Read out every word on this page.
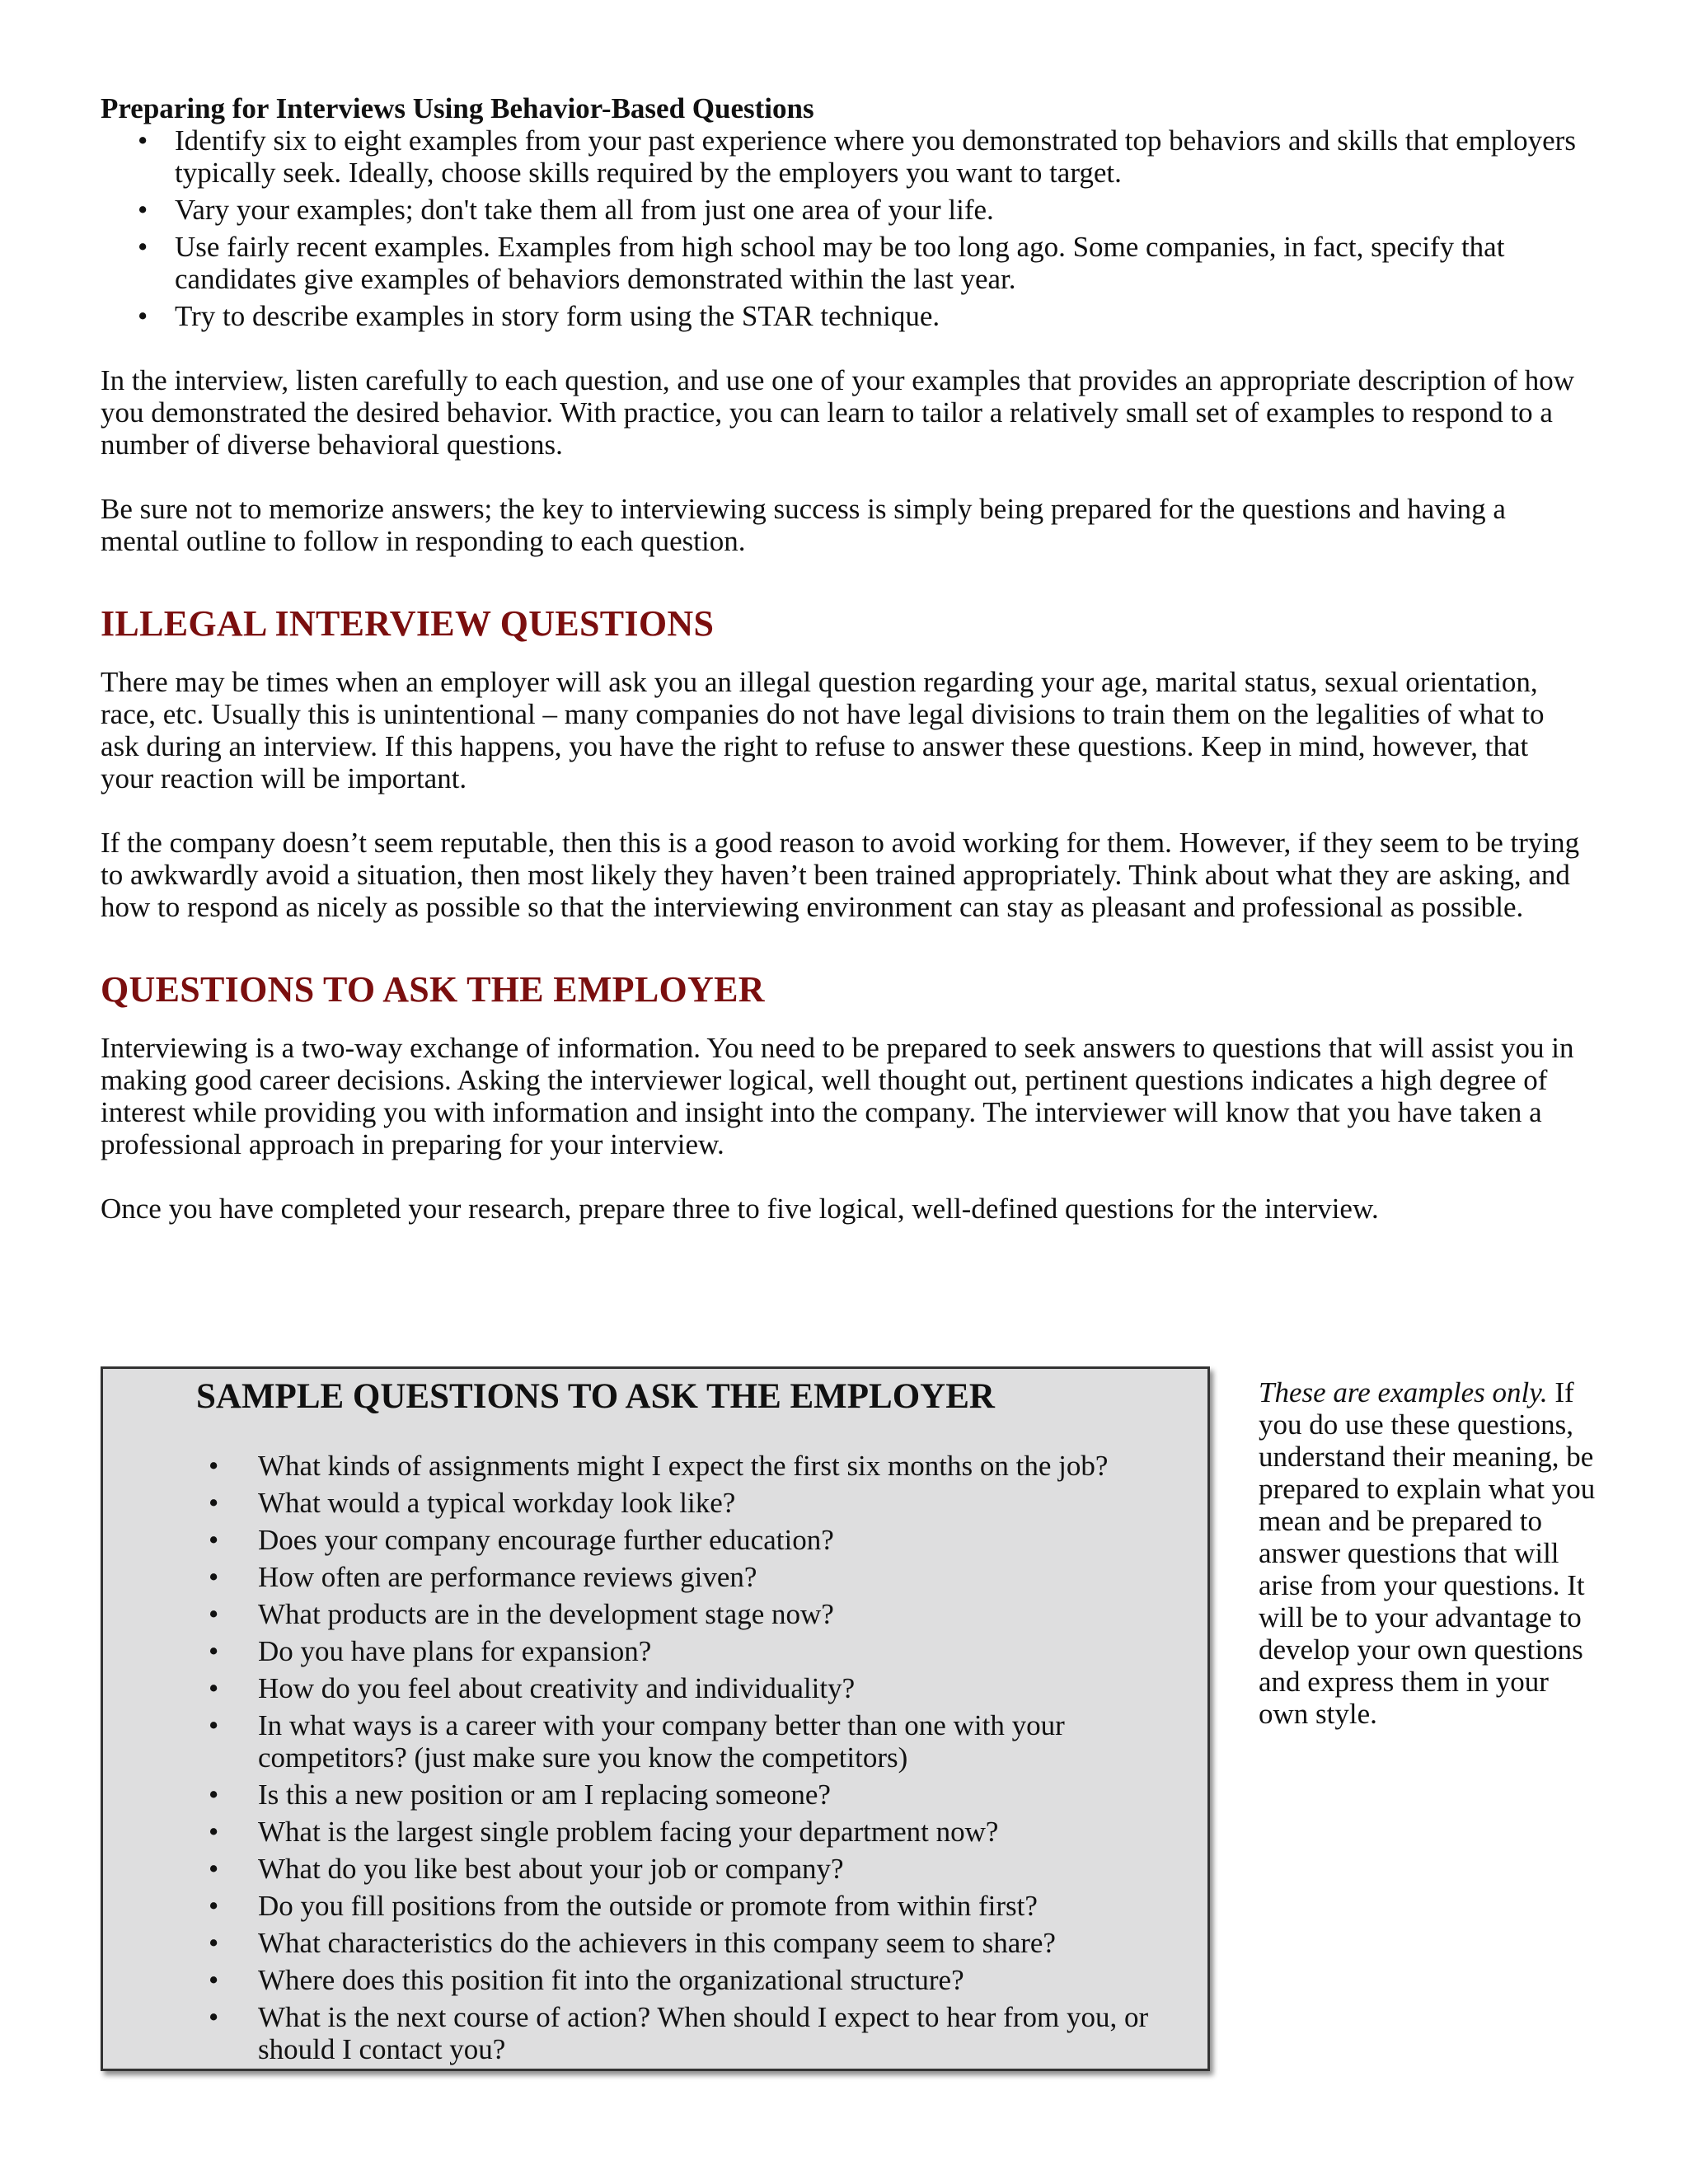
Preparing for Interviews Using Behavior-Based Questions

• Identify six to eight examples from your past experience where you demonstrated top behaviors and skills that employers typically seek. Ideally, choose skills required by the employers you want to target.
• Vary your examples; don't take them all from just one area of your life.
• Use fairly recent examples. Examples from high school may be too long ago. Some companies, in fact, specify that candidates give examples of behaviors demonstrated within the last year.
• Try to describe examples in story form using the STAR technique.

In the interview, listen carefully to each question, and use one of your examples that provides an appropriate description of how you demonstrated the desired behavior. With practice, you can learn to tailor a relatively small set of examples to respond to a number of diverse behavioral questions.

Be sure not to memorize answers; the key to interviewing success is simply being prepared for the questions and having a mental outline to follow in responding to each question.

ILLEGAL INTERVIEW QUESTIONS

There may be times when an employer will ask you an illegal question regarding your age, marital status, sexual orientation, race, etc. Usually this is unintentional – many companies do not have legal divisions to train them on the legalities of what to ask during an interview. If this happens, you have the right to refuse to answer these questions. Keep in mind, however, that your reaction will be important.

If the company doesn’t seem reputable, then this is a good reason to avoid working for them. However, if they seem to be trying to awkwardly avoid a situation, then most likely they haven’t been trained appropriately. Think about what they are asking, and how to respond as nicely as possible so that the interviewing environment can stay as pleasant and professional as possible.

QUESTIONS TO ASK THE EMPLOYER

Interviewing is a two-way exchange of information. You need to be prepared to seek answers to questions that will assist you in making good career decisions. Asking the interviewer logical, well thought out, pertinent questions indicates a high degree of interest while providing you with information and insight into the company. The interviewer will know that you have taken a professional approach in preparing for your interview.

Once you have completed your research, prepare three to five logical, well-defined questions for the interview.

SAMPLE QUESTIONS TO ASK THE EMPLOYER

• What kinds of assignments might I expect the first six months on the job?
• What would a typical workday look like?
• Does your company encourage further education?
• How often are performance reviews given?
• What products are in the development stage now?
• Do you have plans for expansion?
• How do you feel about creativity and individuality?
• In what ways is a career with your company better than one with your competitors? (just make sure you know the competitors)
• Is this a new position or am I replacing someone?
• What is the largest single problem facing your department now?
• What do you like best about your job or company?
• Do you fill positions from the outside or promote from within first?
• What characteristics do the achievers in this company seem to share?
• Where does this position fit into the organizational structure?
• What is the next course of action? When should I expect to hear from you, or should I contact you?
These are examples only. If you do use these questions, understand their meaning, be prepared to explain what you mean and be prepared to answer questions that will arise from your questions. It will be to your advantage to develop your own questions and express them in your own style.
